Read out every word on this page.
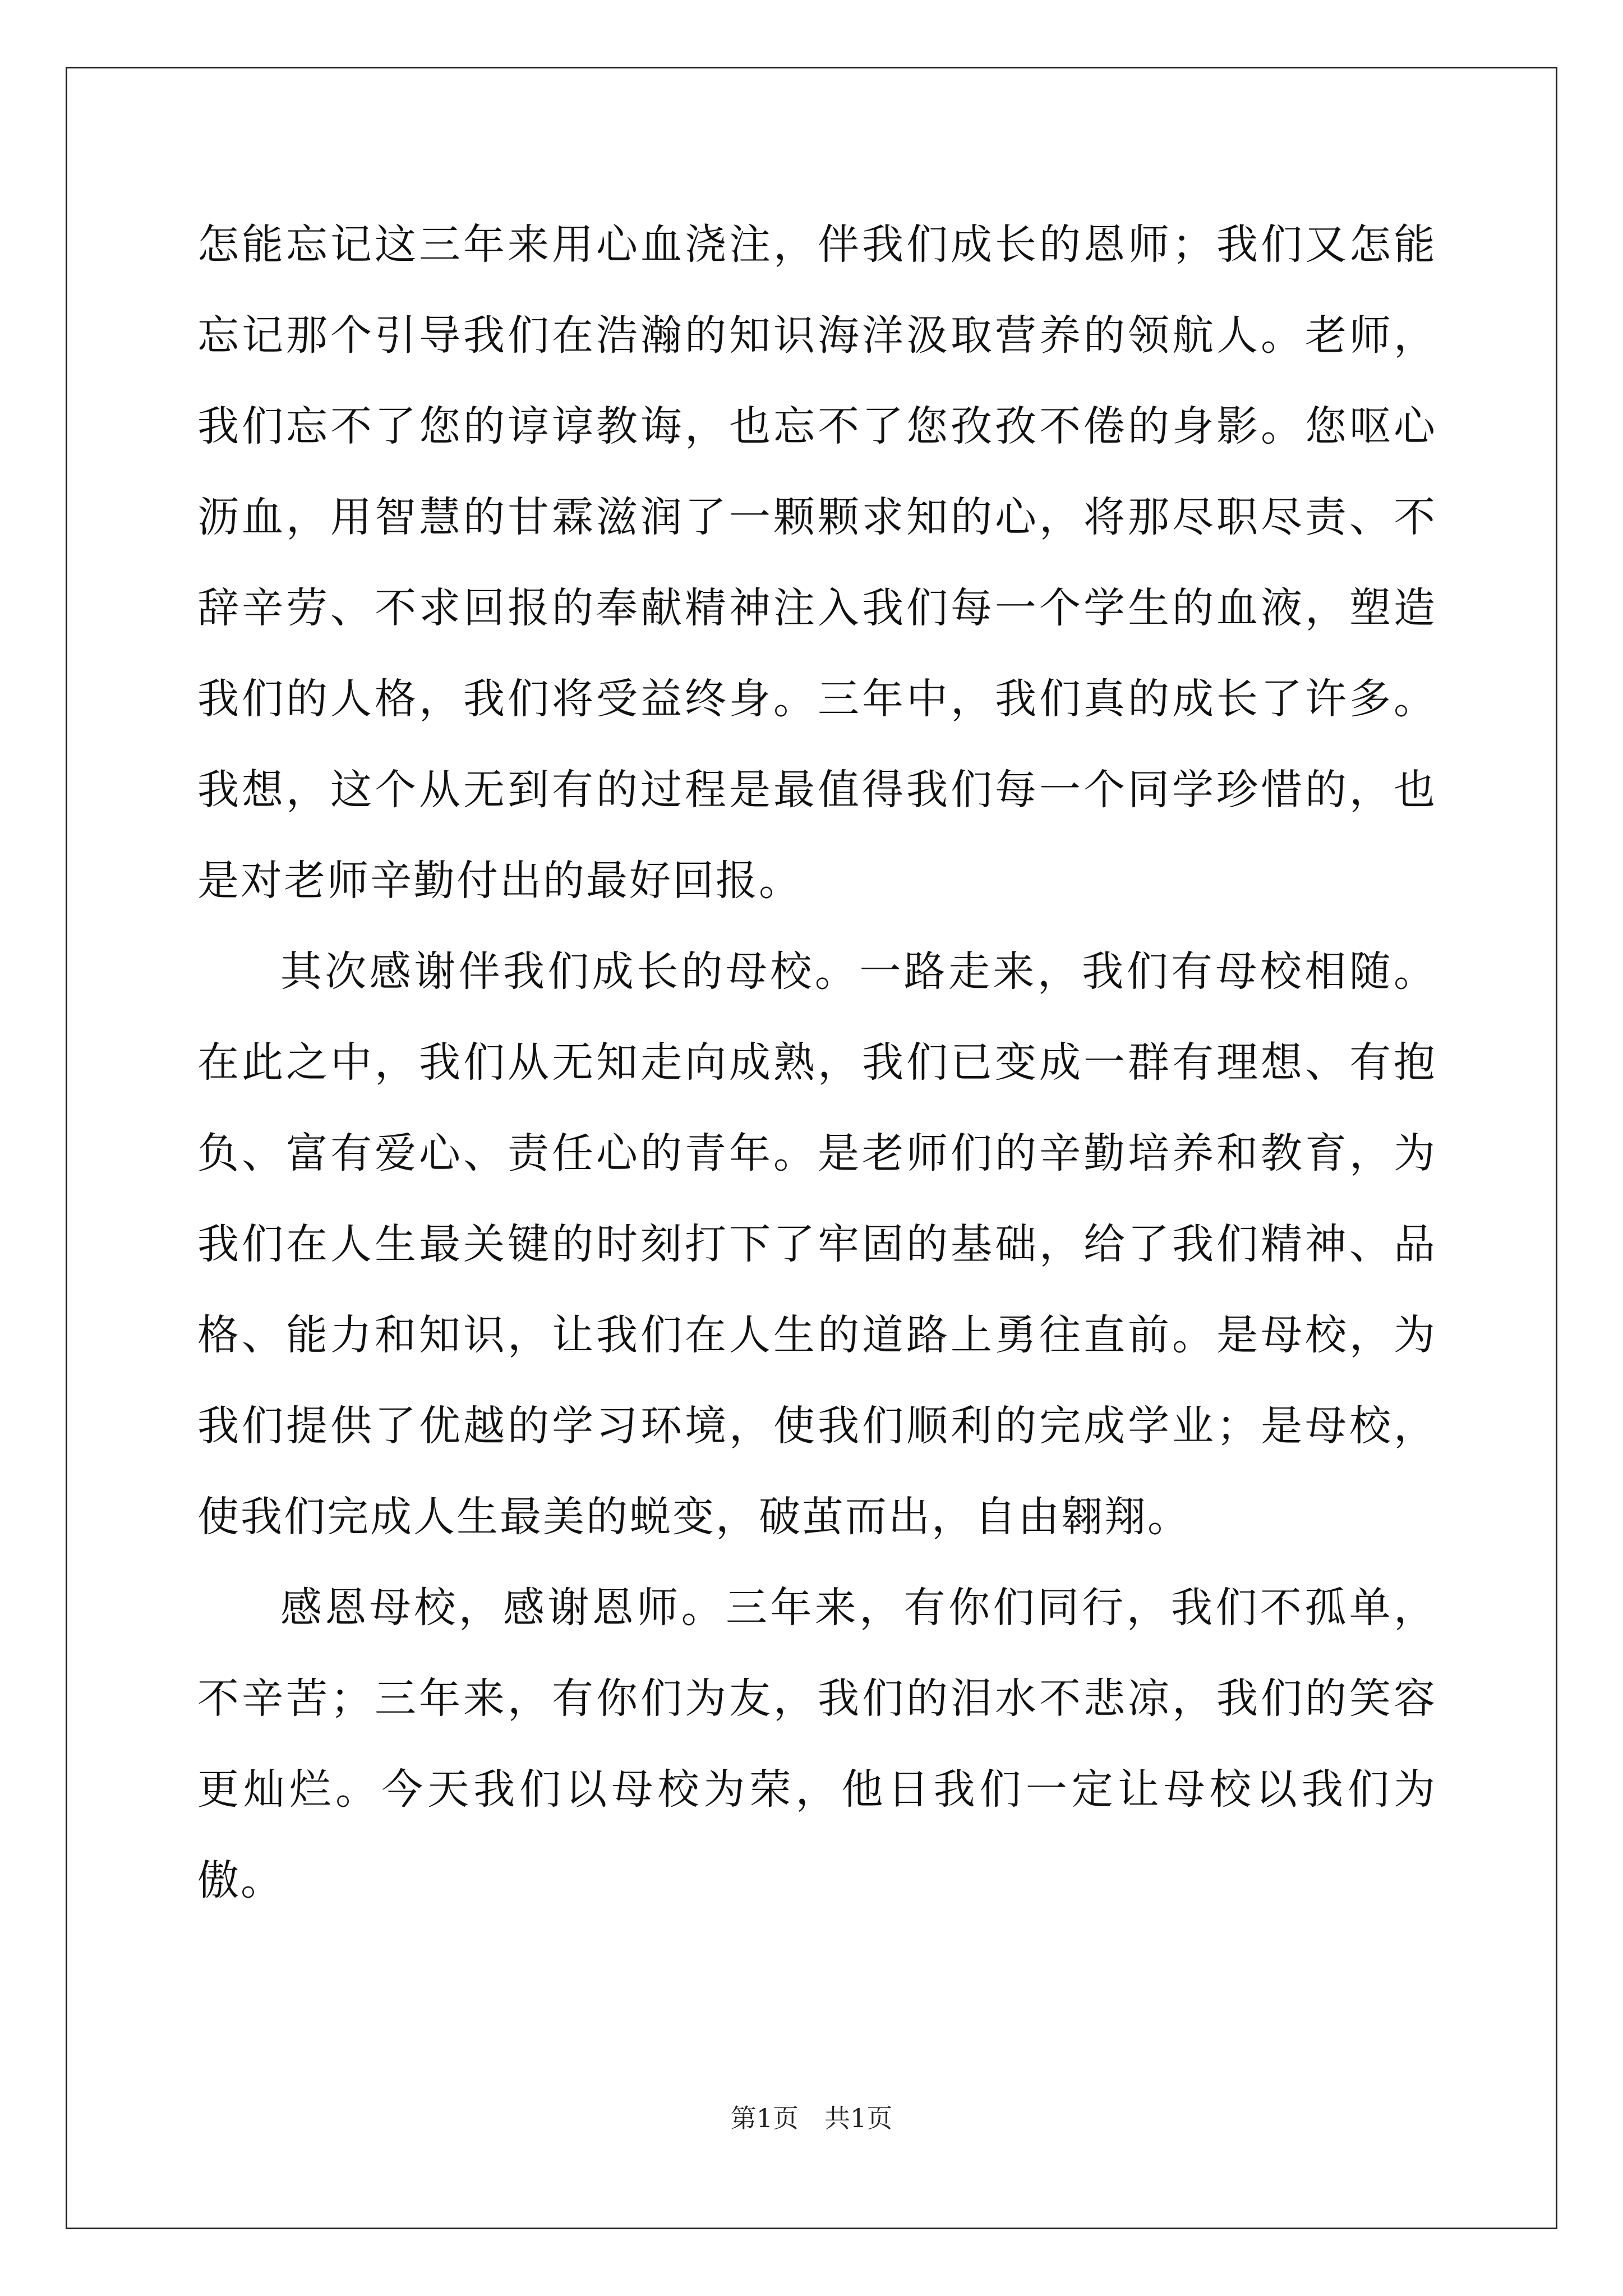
怎能忘记这三年来用心血浇注，伴我们成长的恩师；我们又怎能忘记那个引导我们在浩瀚的知识海洋汲取营养的领航人。老师，我们忘不了您的谆谆教诲，也忘不了您孜孜不倦的身影。您呕心沥血，用智慧的甘霖滋润了一颗颗求知的心，将那尽职尽责、不辞辛劳、不求回报的奉献精神注入我们每一个学生的血液，塑造我们的人格，我们将受益终身。三年中，我们真的成长了许多。我想，这个从无到有的过程是最值得我们每一个同学珍惜的，也是对老师辛勤付出的最好回报。

其次感谢伴我们成长的母校。一路走来，我们有母校相随。在此之中，我们从无知走向成熟，我们已变成一群有理想、有抱负、富有爱心、责任心的青年。是老师们的辛勤培养和教育，为我们在人生最关键的时刻打下了牢固的基础，给了我们精神、品格、能力和知识，让我们在人生的道路上勇往直前。是母校，为我们提供了优越的学习环境，使我们顺利的完成学业；是母校，使我们完成人生最美的蜕变，破茧而出，自由翱翔。

感恩母校，感谢恩师。三年来，有你们同行，我们不孤单，不辛苦；三年来，有你们为友，我们的泪水不悲凉，我们的笑容更灿烂。今天我们以母校为荣，他日我们一定让母校以我们为傲。

第1页　共1页
